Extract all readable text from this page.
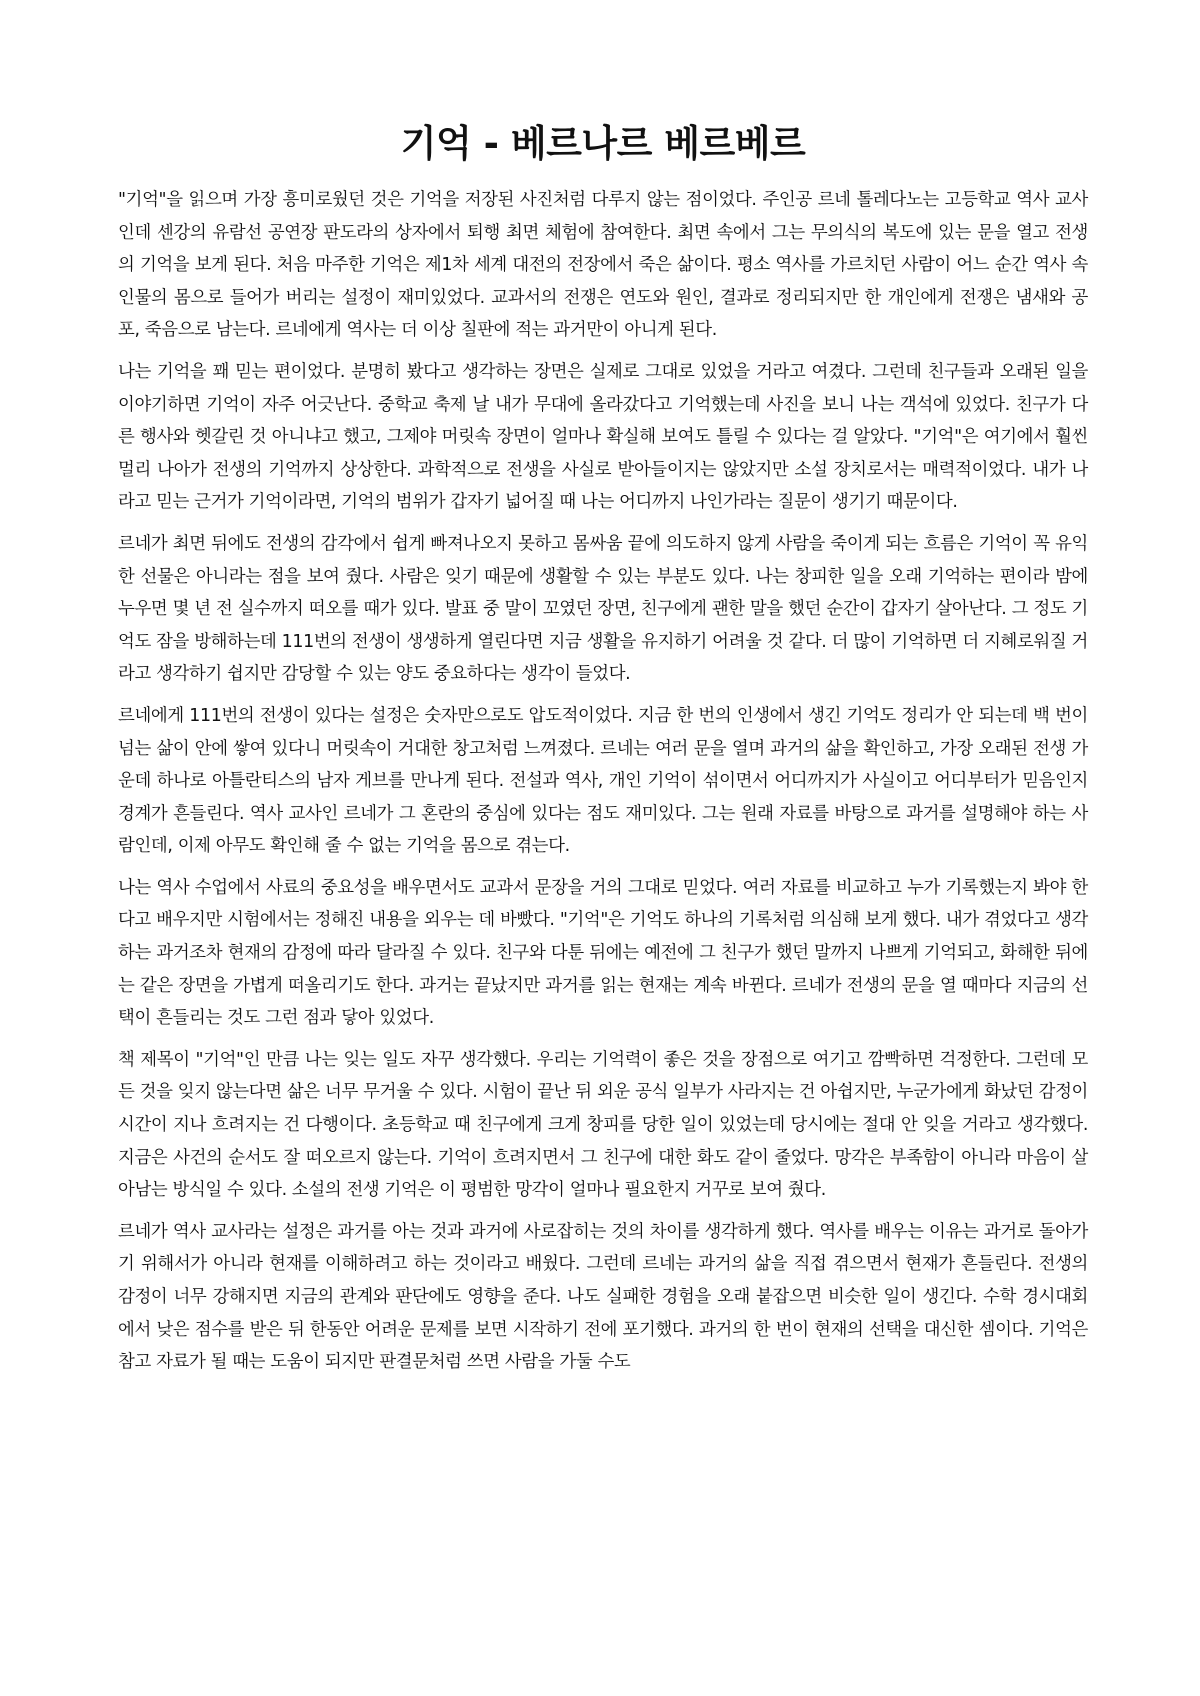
기억 - 베르나르 베르베르

"기억"을 읽으며 가장 흥미로웠던 것은 기억을 저장된 사진처럼 다루지 않는 점이었다. 주인공 르네 톨레다노는 고등학교 역사 교사인데 센강의 유람선 공연장 판도라의 상자에서 퇴행 최면 체험에 참여한다. 최면 속에서 그는 무의식의 복도에 있는 문을 열고 전생의 기억을 보게 된다. 처음 마주한 기억은 제1차 세계 대전의 전장에서 죽은 삶이다. 평소 역사를 가르치던 사람이 어느 순간 역사 속 인물의 몸으로 들어가 버리는 설정이 재미있었다. 교과서의 전쟁은 연도와 원인, 결과로 정리되지만 한 개인에게 전쟁은 냄새와 공포, 죽음으로 남는다. 르네에게 역사는 더 이상 칠판에 적는 과거만이 아니게 된다.

나는 기억을 꽤 믿는 편이었다. 분명히 봤다고 생각하는 장면은 실제로 그대로 있었을 거라고 여겼다. 그런데 친구들과 오래된 일을 이야기하면 기억이 자주 어긋난다. 중학교 축제 날 내가 무대에 올라갔다고 기억했는데 사진을 보니 나는 객석에 있었다. 친구가 다른 행사와 헷갈린 것 아니냐고 했고, 그제야 머릿속 장면이 얼마나 확실해 보여도 틀릴 수 있다는 걸 알았다. "기억"은 여기에서 훨씬 멀리 나아가 전생의 기억까지 상상한다. 과학적으로 전생을 사실로 받아들이지는 않았지만 소설 장치로서는 매력적이었다. 내가 나라고 믿는 근거가 기억이라면, 기억의 범위가 갑자기 넓어질 때 나는 어디까지 나인가라는 질문이 생기기 때문이다.

르네가 최면 뒤에도 전생의 감각에서 쉽게 빠져나오지 못하고 몸싸움 끝에 의도하지 않게 사람을 죽이게 되는 흐름은 기억이 꼭 유익한 선물은 아니라는 점을 보여 줬다. 사람은 잊기 때문에 생활할 수 있는 부분도 있다. 나는 창피한 일을 오래 기억하는 편이라 밤에 누우면 몇 년 전 실수까지 떠오를 때가 있다. 발표 중 말이 꼬였던 장면, 친구에게 괜한 말을 했던 순간이 갑자기 살아난다. 그 정도 기억도 잠을 방해하는데 111번의 전생이 생생하게 열린다면 지금 생활을 유지하기 어려울 것 같다. 더 많이 기억하면 더 지혜로워질 거라고 생각하기 쉽지만 감당할 수 있는 양도 중요하다는 생각이 들었다.

르네에게 111번의 전생이 있다는 설정은 숫자만으로도 압도적이었다. 지금 한 번의 인생에서 생긴 기억도 정리가 안 되는데 백 번이 넘는 삶이 안에 쌓여 있다니 머릿속이 거대한 창고처럼 느껴졌다. 르네는 여러 문을 열며 과거의 삶을 확인하고, 가장 오래된 전생 가운데 하나로 아틀란티스의 남자 게브를 만나게 된다. 전설과 역사, 개인 기억이 섞이면서 어디까지가 사실이고 어디부터가 믿음인지 경계가 흔들린다. 역사 교사인 르네가 그 혼란의 중심에 있다는 점도 재미있다. 그는 원래 자료를 바탕으로 과거를 설명해야 하는 사람인데, 이제 아무도 확인해 줄 수 없는 기억을 몸으로 겪는다.

나는 역사 수업에서 사료의 중요성을 배우면서도 교과서 문장을 거의 그대로 믿었다. 여러 자료를 비교하고 누가 기록했는지 봐야 한다고 배우지만 시험에서는 정해진 내용을 외우는 데 바빴다. "기억"은 기억도 하나의 기록처럼 의심해 보게 했다. 내가 겪었다고 생각하는 과거조차 현재의 감정에 따라 달라질 수 있다. 친구와 다툰 뒤에는 예전에 그 친구가 했던 말까지 나쁘게 기억되고, 화해한 뒤에는 같은 장면을 가볍게 떠올리기도 한다. 과거는 끝났지만 과거를 읽는 현재는 계속 바뀐다. 르네가 전생의 문을 열 때마다 지금의 선택이 흔들리는 것도 그런 점과 닿아 있었다.

책 제목이 "기억"인 만큼 나는 잊는 일도 자꾸 생각했다. 우리는 기억력이 좋은 것을 장점으로 여기고 깜빡하면 걱정한다. 그런데 모든 것을 잊지 않는다면 삶은 너무 무거울 수 있다. 시험이 끝난 뒤 외운 공식 일부가 사라지는 건 아쉽지만, 누군가에게 화났던 감정이 시간이 지나 흐려지는 건 다행이다. 초등학교 때 친구에게 크게 창피를 당한 일이 있었는데 당시에는 절대 안 잊을 거라고 생각했다. 지금은 사건의 순서도 잘 떠오르지 않는다. 기억이 흐려지면서 그 친구에 대한 화도 같이 줄었다. 망각은 부족함이 아니라 마음이 살아남는 방식일 수 있다. 소설의 전생 기억은 이 평범한 망각이 얼마나 필요한지 거꾸로 보여 줬다.

르네가 역사 교사라는 설정은 과거를 아는 것과 과거에 사로잡히는 것의 차이를 생각하게 했다. 역사를 배우는 이유는 과거로 돌아가기 위해서가 아니라 현재를 이해하려고 하는 것이라고 배웠다. 그런데 르네는 과거의 삶을 직접 겪으면서 현재가 흔들린다. 전생의 감정이 너무 강해지면 지금의 관계와 판단에도 영향을 준다. 나도 실패한 경험을 오래 붙잡으면 비슷한 일이 생긴다. 수학 경시대회에서 낮은 점수를 받은 뒤 한동안 어려운 문제를 보면 시작하기 전에 포기했다. 과거의 한 번이 현재의 선택을 대신한 셈이다. 기억은 참고 자료가 될 때는 도움이 되지만 판결문처럼 쓰면 사람을 가둘 수도
